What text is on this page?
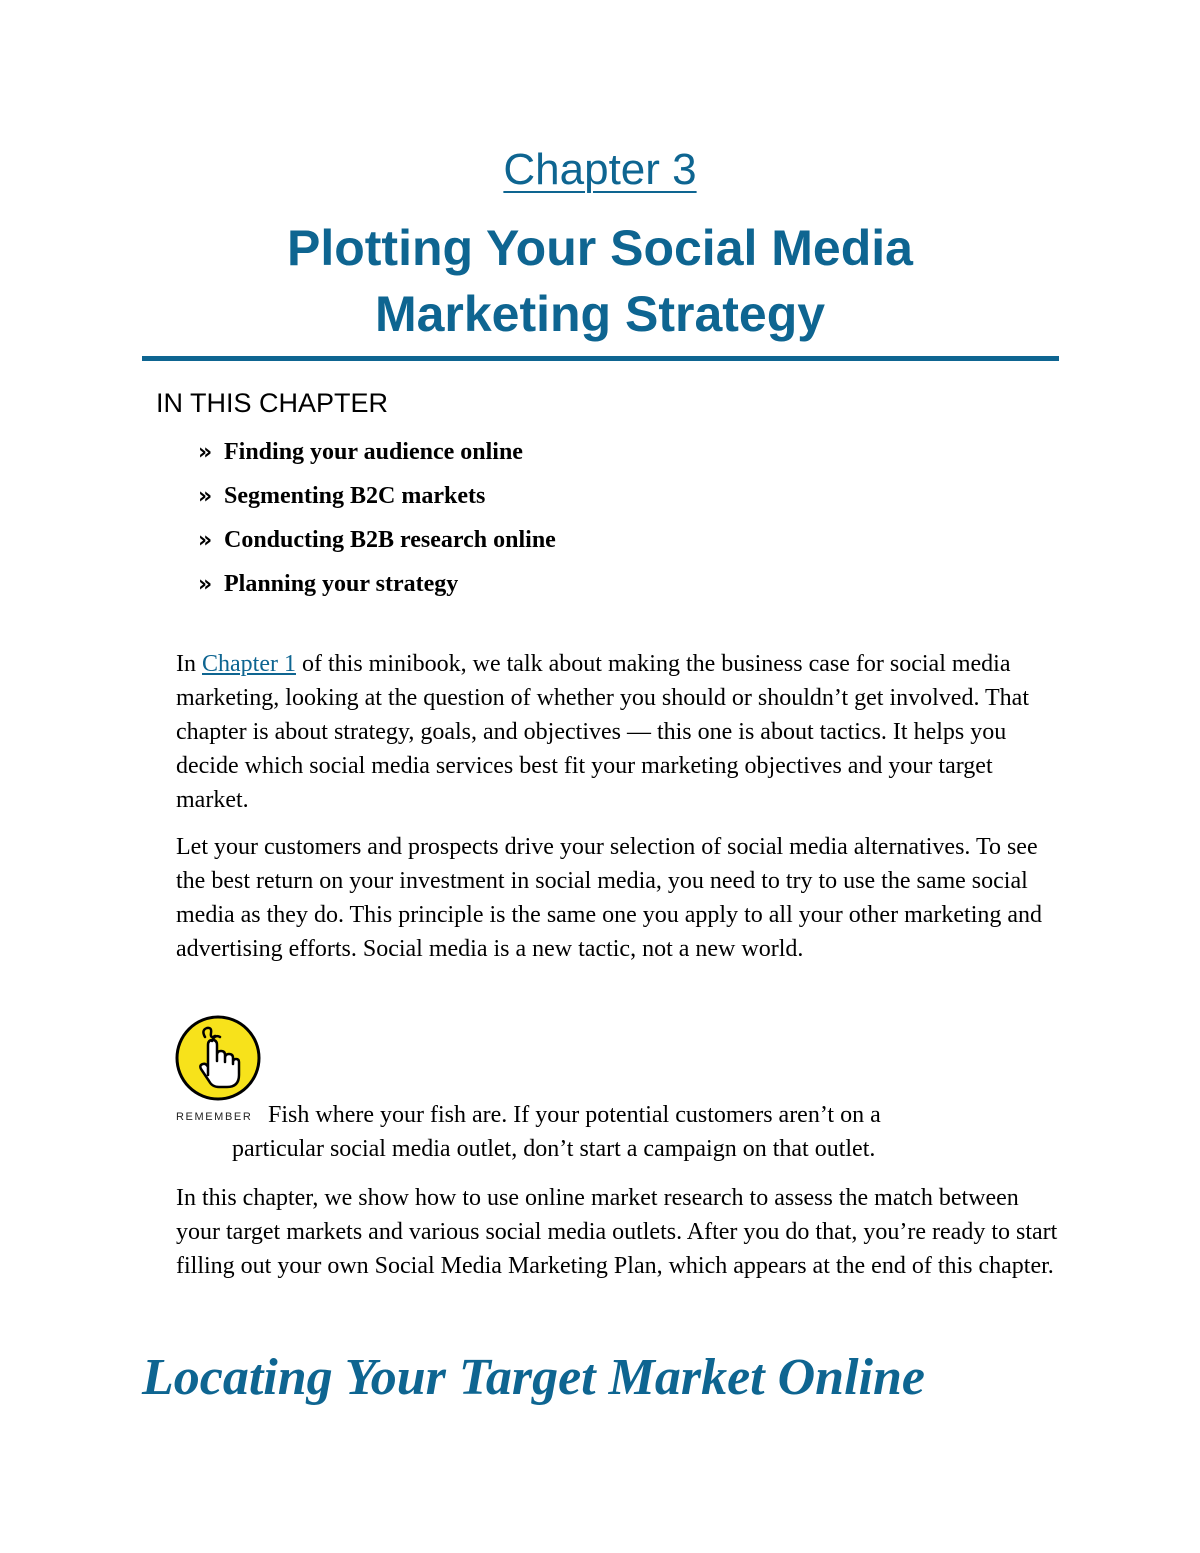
Chapter 3
Plotting Your Social Media
Marketing Strategy
IN THIS CHAPTER
» Finding your audience online
» Segmenting B2C markets
» Conducting B2B research online
» Planning your strategy

In Chapter 1 of this minibook, we talk about making the business case for social media marketing, looking at the question of whether you should or shouldn’t get involved. That chapter is about strategy, goals, and objectives — this one is about tactics. It helps you decide which social media services best fit your marketing objectives and your target market.

Let your customers and prospects drive your selection of social media alternatives. To see the best return on your investment in social media, you need to try to use the same social media as they do. This principle is the same one you apply to all your other marketing and advertising efforts. Social media is a new tactic, not a new world.

REMEMBER Fish where your fish are. If your potential customers aren’t on a

particular social media outlet, don’t start a campaign on that outlet.

In this chapter, we show how to use online market research to assess the match between your target markets and various social media outlets. After you do that, you’re ready to start filling out your own Social Media Marketing Plan, which appears at the end of this chapter.

Locating Your Target Market Online
